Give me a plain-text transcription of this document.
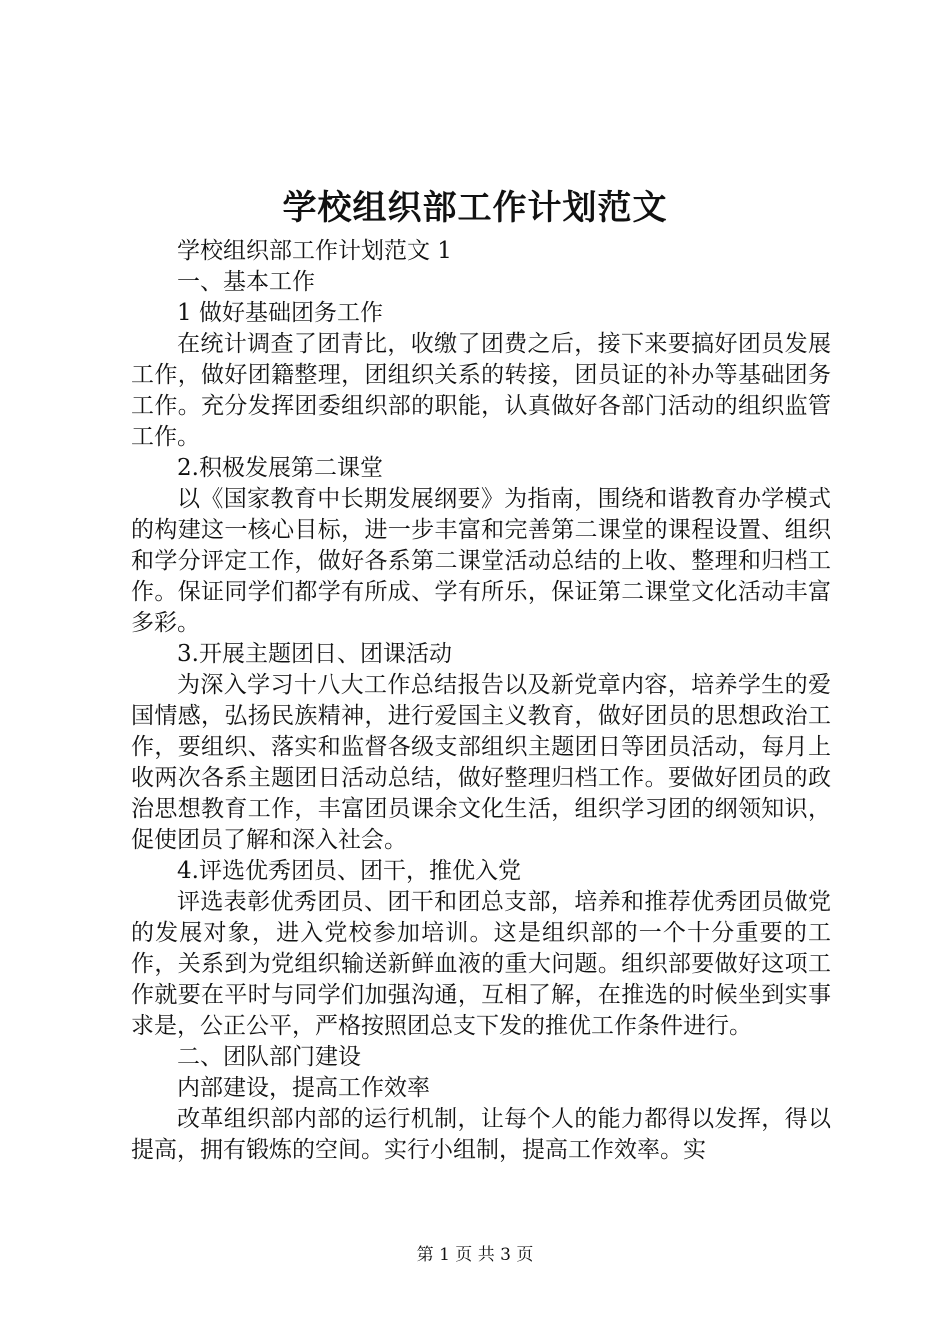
学校组织部工作计划范文

学校组织部工作计划范文 1

一、基本工作

1 做好基础团务工作

在统计调查了团青比，收缴了团费之后，接下来要搞好团员发展工作，做好团籍整理，团组织关系的转接，团员证的补办等基础团务工作。充分发挥团委组织部的职能，认真做好各部门活动的组织监管工作。

2.积极发展第二课堂

以《国家教育中长期发展纲要》为指南，围绕和谐教育办学模式的构建这一核心目标，进一步丰富和完善第二课堂的课程设置、组织和学分评定工作，做好各系第二课堂活动总结的上收、整理和归档工作。保证同学们都学有所成、学有所乐，保证第二课堂文化活动丰富多彩。

3.开展主题团日、团课活动

为深入学习十八大工作总结报告以及新党章内容，培养学生的爱国情感，弘扬民族精神，进行爱国主义教育，做好团员的思想政治工作，要组织、落实和监督各级支部组织主题团日等团员活动，每月上收两次各系主题团日活动总结，做好整理归档工作。要做好团员的政治思想教育工作，丰富团员课余文化生活，组织学习团的纲领知识，促使团员了解和深入社会。

4.评选优秀团员、团干，推优入党

评选表彰优秀团员、团干和团总支部，培养和推荐优秀团员做党的发展对象，进入党校参加培训。这是组织部的一个十分重要的工作，关系到为党组织输送新鲜血液的重大问题。组织部要做好这项工作就要在平时与同学们加强沟通，互相了解，在推选的时候坐到实事求是，公正公平，严格按照团总支下发的推优工作条件进行。

二、团队部门建设

内部建设，提高工作效率

改革组织部内部的运行机制，让每个人的能力都得以发挥，得以提高，拥有锻炼的空间。实行小组制，提高工作效率。实

第 1 页 共 3 页
